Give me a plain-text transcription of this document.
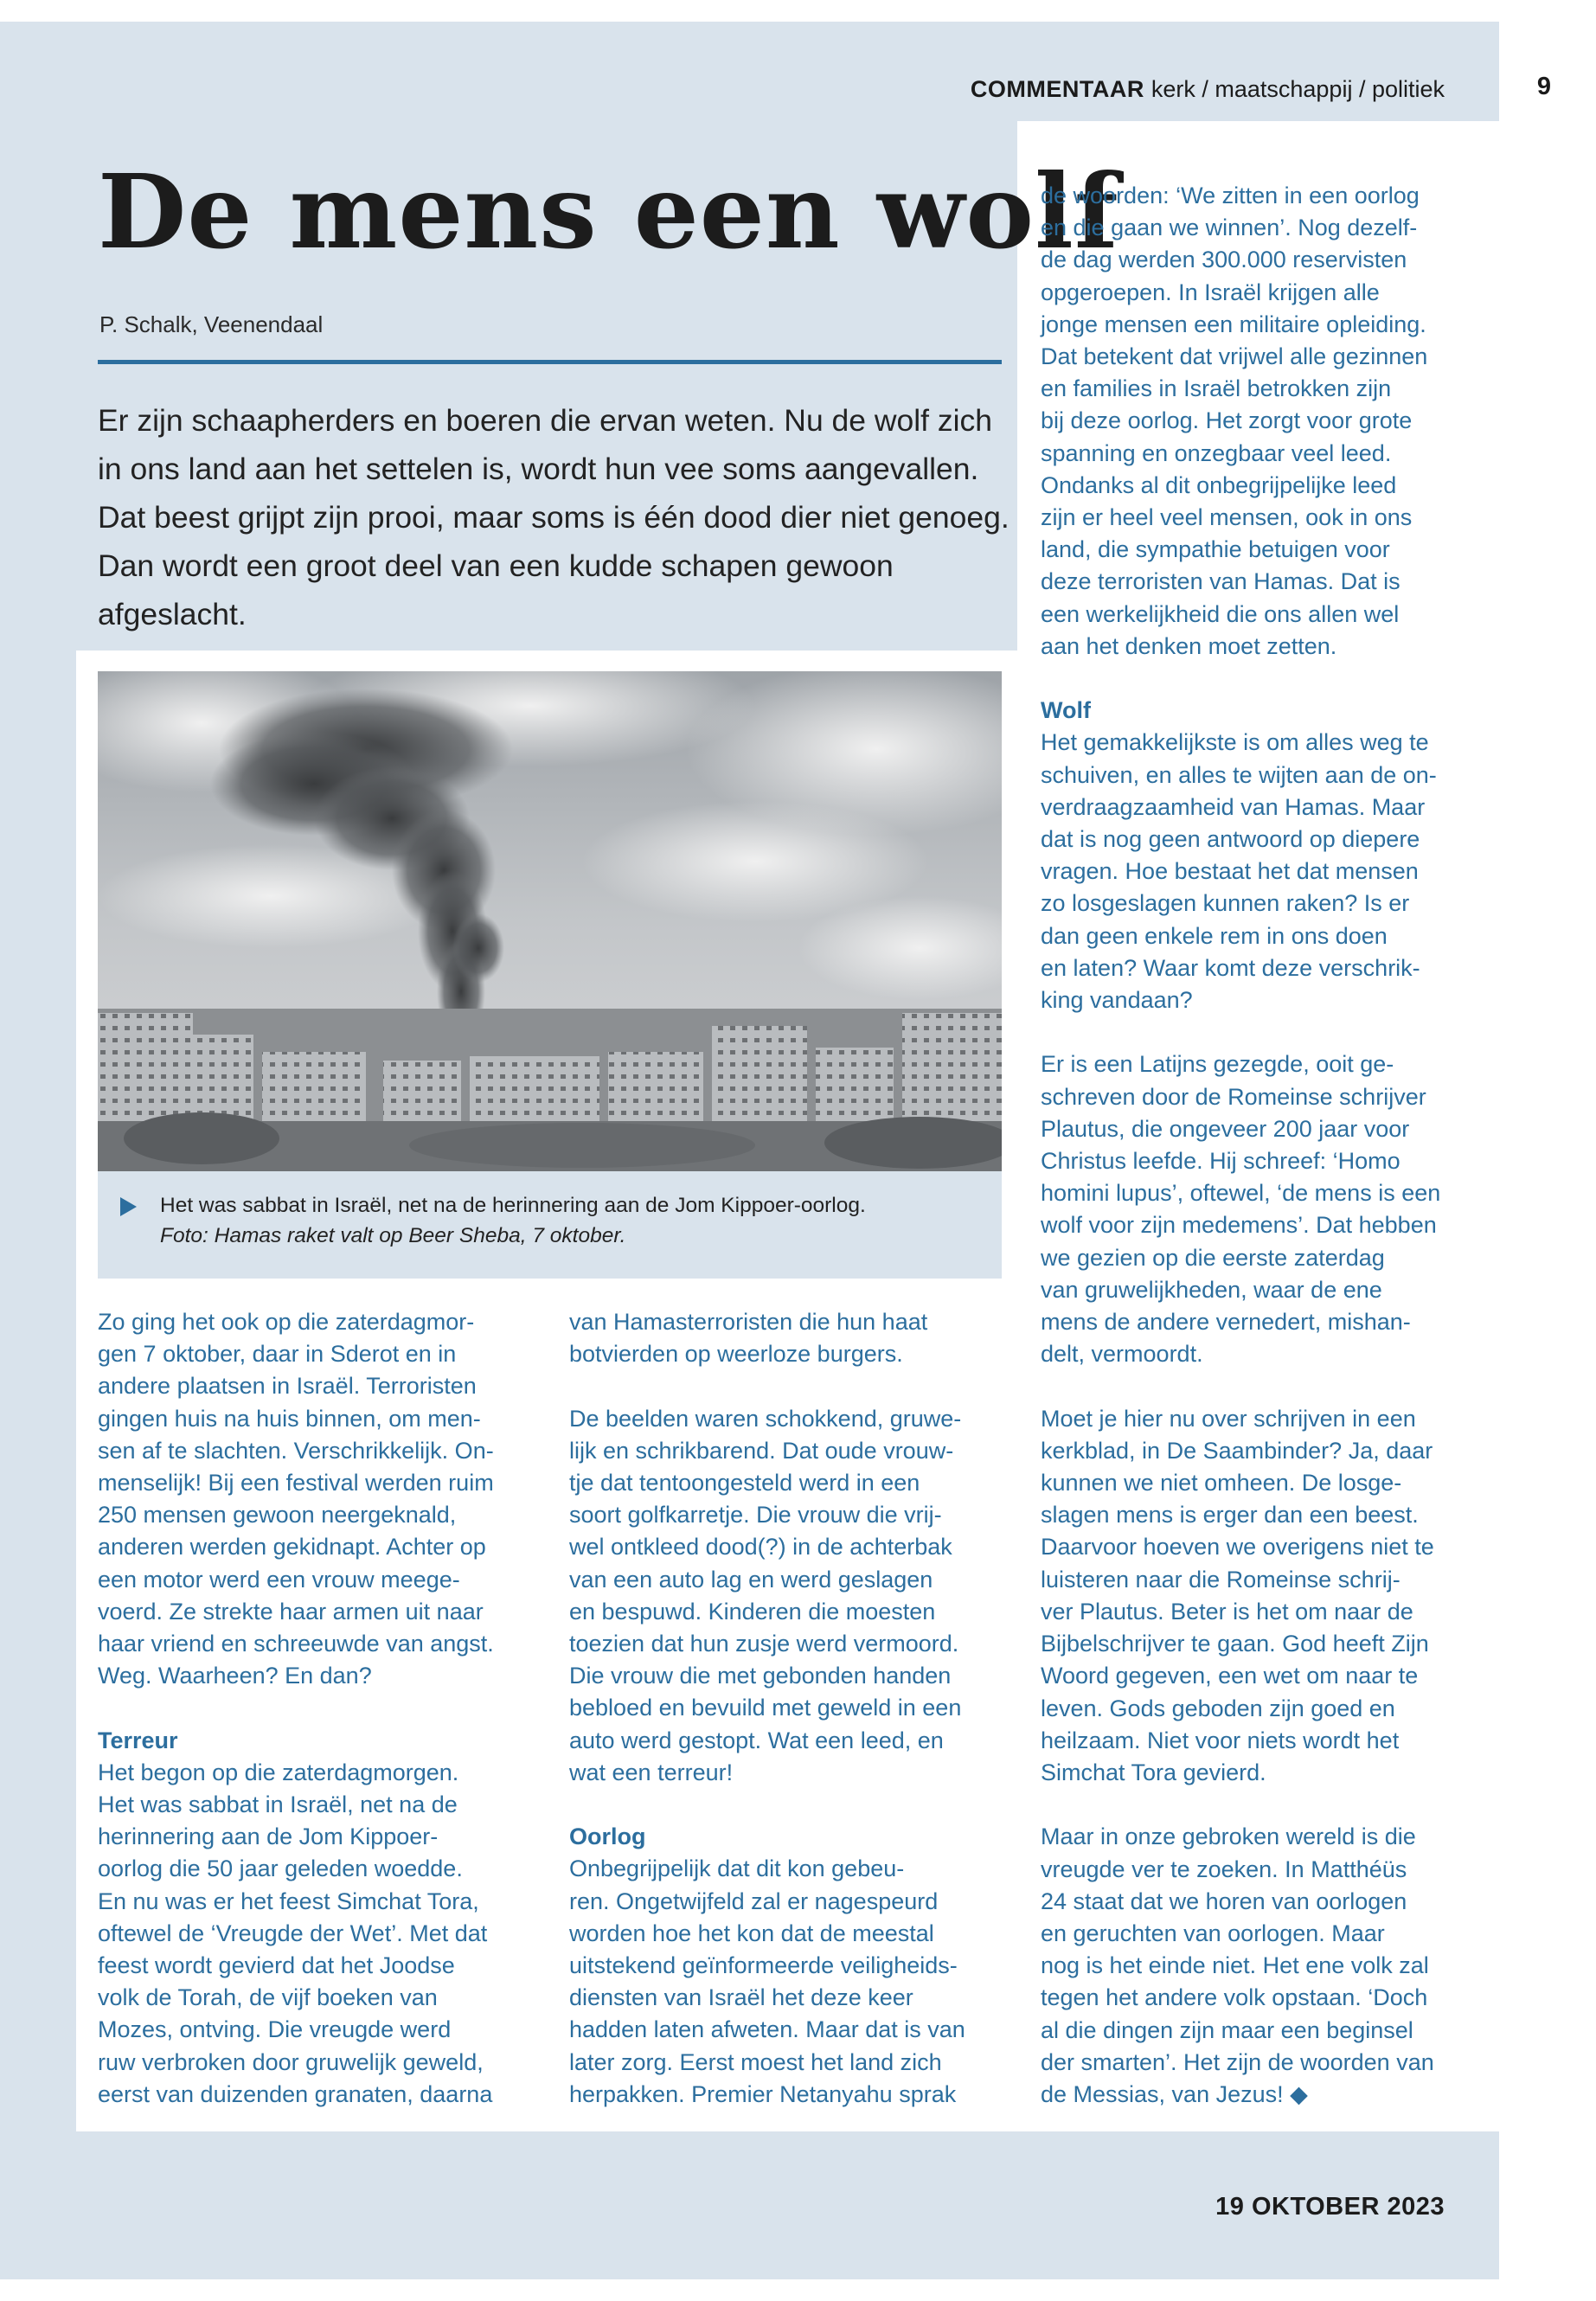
COMMENTAAR kerk / maatschappij / politiek	9
De mens een wolf
P. Schalk, Veenendaal

Er zijn schaapherders en boeren die ervan weten. Nu de wolf zich in ons land aan het settelen is, wordt hun vee soms aangevallen. Dat beest grijpt zijn prooi, maar soms is één dood dier niet genoeg. Dan wordt een groot deel van een kudde schapen gewoon afgeslacht.

Het was sabbat in Israël, net na de herinnering aan de Jom Kippoer-oorlog.
Foto: Hamas raket valt op Beer Sheba, 7 oktober.
Zo ging het ook op die zaterdagmor-
gen 7 oktober, daar in Sderot en in
andere plaatsen in Israël. Terroristen
gingen huis na huis binnen, om men-
sen af te slachten. Verschrikkelijk. On-
menselijk! Bij een festival werden ruim
250 mensen gewoon neergeknald,
anderen werden gekidnapt. Achter op
een motor werd een vrouw meege-
voerd. Ze strekte haar armen uit naar
haar vriend en schreeuwde van angst.
Weg. Waarheen? En dan?
Terreur
Het begon op die zaterdagmorgen.
Het was sabbat in Israël, net na de
herinnering aan de Jom Kippoer-
oorlog die 50 jaar geleden woedde.
En nu was er het feest Simchat Tora,
oftewel de ‘Vreugde der Wet’. Met dat
feest wordt gevierd dat het Joodse
volk de Torah, de vijf boeken van
Mozes, ontving. Die vreugde werd
ruw verbroken door gruwelijk geweld,
eerst van duizenden granaten, daarna
van Hamasterroristen die hun haat
botvierden op weerloze burgers.
De beelden waren schokkend, gruwe-
lijk en schrikbarend. Dat oude vrouw-
tje dat tentoongesteld werd in een
soort golfkarretje. Die vrouw die vrij-
wel ontkleed dood(?) in de achterbak
van een auto lag en werd geslagen
en bespuwd. Kinderen die moesten
toezien dat hun zusje werd vermoord.
Die vrouw die met gebonden handen
bebloed en bevuild met geweld in een
auto werd gestopt. Wat een leed, en
wat een terreur!
Oorlog
Onbegrijpelijk dat dit kon gebeu-
ren. Ongetwijfeld zal er nagespeurd
worden hoe het kon dat de meestal
uitstekend geïnformeerde veiligheids-
diensten van Israël het deze keer
hadden laten afweten. Maar dat is van
later zorg. Eerst moest het land zich
herpakken. Premier Netanyahu sprak
de woorden: ‘We zitten in een oorlog
en die gaan we winnen’. Nog dezelf-
de dag werden 300.000 reservisten
opgeroepen. In Israël krijgen alle
jonge mensen een militaire opleiding.
Dat betekent dat vrijwel alle gezinnen
en families in Israël betrokken zijn
bij deze oorlog. Het zorgt voor grote
spanning en onzegbaar veel leed.
Ondanks al dit onbegrijpelijke leed
zijn er heel veel mensen, ook in ons
land, die sympathie betuigen voor
deze terroristen van Hamas. Dat is
een werkelijkheid die ons allen wel
aan het denken moet zetten.
Wolf
Het gemakkelijkste is om alles weg te
schuiven, en alles te wijten aan de on-
verdraagzaamheid van Hamas. Maar
dat is nog geen antwoord op diepere
vragen. Hoe bestaat het dat mensen
zo losgeslagen kunnen raken? Is er
dan geen enkele rem in ons doen
en laten? Waar komt deze verschrik-
king vandaan?
Er is een Latijns gezegde, ooit ge-
schreven door de Romeinse schrijver
Plautus, die ongeveer 200 jaar voor
Christus leefde. Hij schreef: ‘Homo
homini lupus’, oftewel, ‘de mens is een
wolf voor zijn medemens’. Dat hebben
we gezien op die eerste zaterdag
van gruwelijkheden, waar de ene
mens de andere vernedert, mishan-
delt, vermoordt.
Moet je hier nu over schrijven in een
kerkblad, in De Saambinder? Ja, daar
kunnen we niet omheen. De losge-
slagen mens is erger dan een beest.
Daarvoor hoeven we overigens niet te
luisteren naar die Romeinse schrij-
ver Plautus. Beter is het om naar de
Bijbelschrijver te gaan. God heeft Zijn
Woord gegeven, een wet om naar te
leven. Gods geboden zijn goed en
heilzaam. Niet voor niets wordt het
Simchat Tora gevierd.
Maar in onze gebroken wereld is die
vreugde ver te zoeken. In Matthéüs
24 staat dat we horen van oorlogen
en geruchten van oorlogen. Maar
nog is het einde niet. Het ene volk zal
tegen het andere volk opstaan. ‘Doch
al die dingen zijn maar een beginsel
der smarten’. Het zijn de woorden van
de Messias, van Jezus! ◆
19 OKTOBER 2023
